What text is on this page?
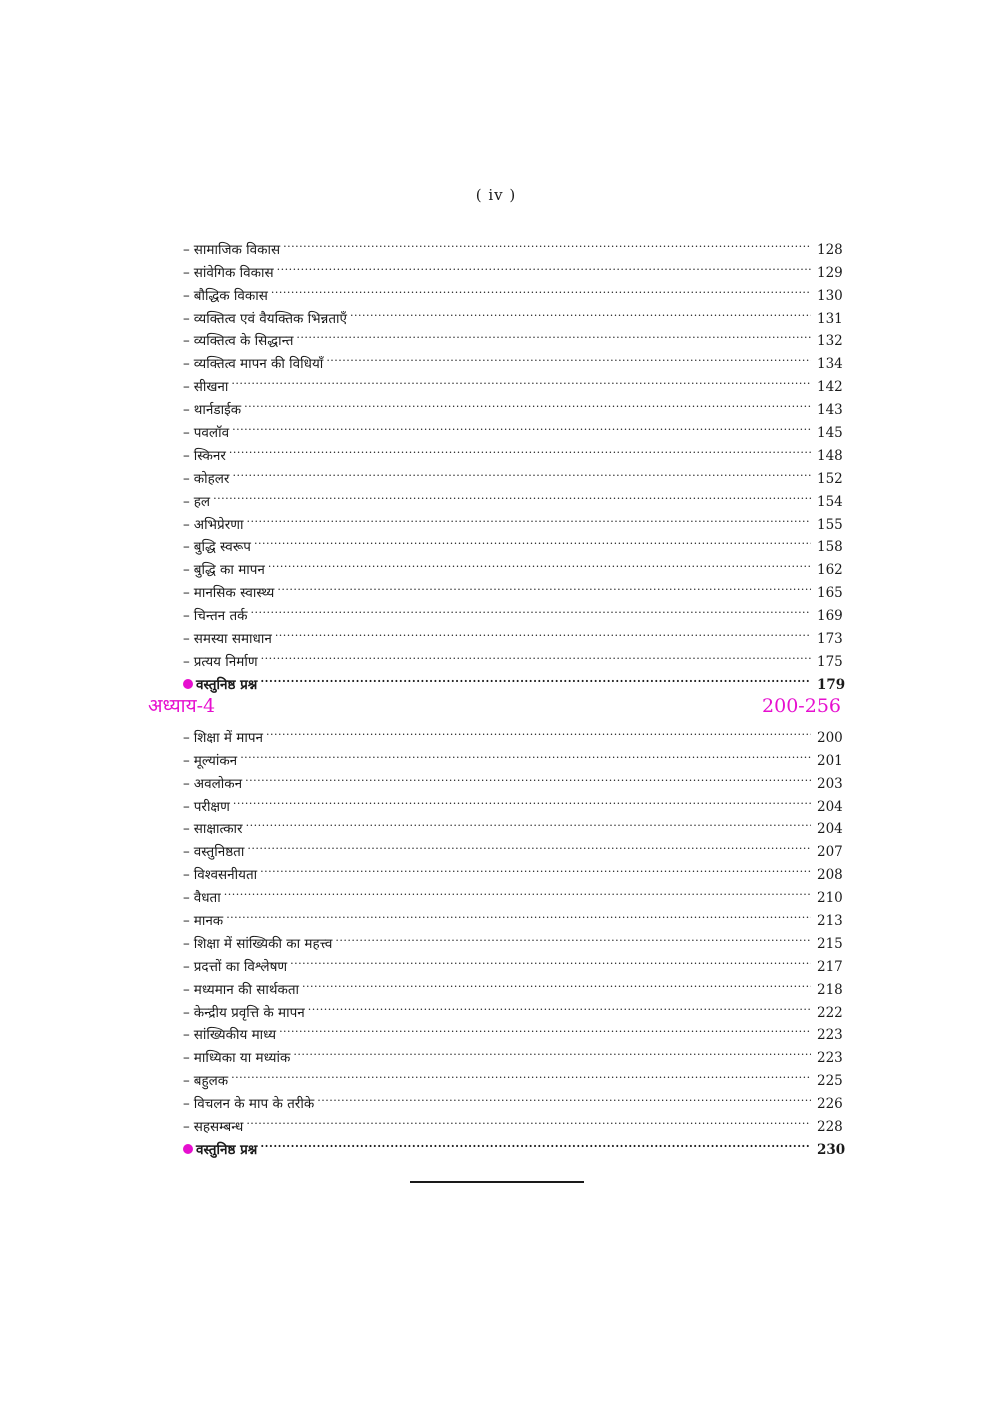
( iv )
– सामाजिक विकास .....	128
– सांवेगिक विकास .....	129
– बौद्धिक विकास .....	130
– व्यक्तित्व एवं वैयक्तिक भिन्नताएँ .....	131
– व्यक्तित्व के सिद्धान्त .....	132
– व्यक्तित्व मापन की विधियाँ .....	134
– सीखना .....	142
– थार्नडाईक .....	143
– पवलॉव .....	145
– स्किनर .....	148
– कोहलर .....	152
– हल .....	154
– अभिप्रेरणा .....	155
– बुद्धि स्वरूप .....	158
– बुद्धि का मापन .....	162
– मानसिक स्वास्थ्य .....	165
– चिन्तन तर्क .....	169
– समस्या समाधान .....	173
– प्रत्यय निर्माण .....	175
वस्तुनिष्ठ प्रश्न .....	179
अध्याय-4	200-256
– शिक्षा में मापन .....	200
– मूल्यांकन .....	201
– अवलोकन .....	203
– परीक्षण .....	204
– साक्षात्कार .....	204
– वस्तुनिष्ठता .....	207
– विश्वसनीयता .....	208
– वैधता .....	210
– मानक .....	213
– शिक्षा में सांख्यिकी का महत्त्व .....	215
– प्रदत्तों का विश्लेषण .....	217
– मध्यमान की सार्थकता .....	218
– केन्द्रीय प्रवृत्ति के मापन .....	222
– सांख्यिकीय माध्य .....	223
– माध्यिका या मध्यांक .....	223
– बहुलक .....	225
– विचलन के माप के तरीके .....	226
– सहसम्बन्ध .....	228
वस्तुनिष्ठ प्रश्न .....	230
